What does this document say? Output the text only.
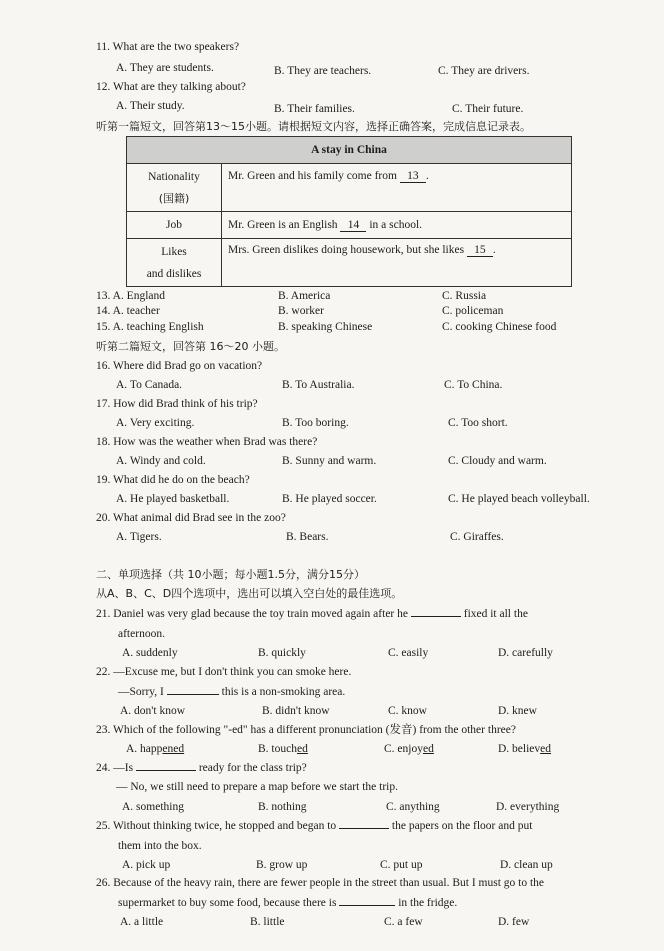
11. What are the two speakers?
A. They are students.	B. They are teachers.	C. They are drivers.
12. What are they talking about?
A. Their study.	B. Their families.	C. Their future.
听第一篇短文，回答第13～15小题。请根据短文内容，选择正确答案，完成信息记录表。
A stay in China	

Nationality
(国籍)	Mr. Green and his family come from 13 .

Job	Mr. Green is an English 14 in a school.

Likes
and dislikes	Mrs. Green dislikes doing housework, but she likes 15 .
13. A. England	B. America	C. Russia
14. A. teacher	B. worker	C. policeman
15. A. teaching English	B. speaking Chinese	C. cooking Chinese food
听第二篇短文，回答第 16～20 小题。
16. Where did Brad go on vacation?
A. To Canada.	B. To Australia.	C. To China.
17. How did Brad think of his trip?
A. Very exciting.	B. Too boring.	C. Too short.
18. How was the weather when Brad was there?
A. Windy and cold.	B. Sunny and warm.	C. Cloudy and warm.
19. What did he do on the beach?
A. He played basketball.	B. He played soccer.	C. He played beach volleyball.
20. What animal did Brad see in the zoo?
A. Tigers.	B. Bears.	C. Giraffes.
二、单项选择（共 10小题；每小题1.5分，满分15分）
从A、B、C、D四个选项中，选出可以填入空白处的最佳选项。
21. Daniel was very glad because the toy train moved again after he	fixed it all the
afternoon.
A. suddenly	B. quickly	C. easily	D. carefully
22. —Excuse me, but I don't think you can smoke here.
—Sorry, I	this is a non-smoking area.
A. don't know	B. didn't know	C. know	D. knew
23. Which of the following "-ed" has a different pronunciation (发音) from the other three?
A. happened	B. touched	C. enjoyed	D. believed
24. —Is	ready for the class trip?
— No, we still need to prepare a map before we start the trip.
A. something	B. nothing	C. anything	D. everything
25. Without thinking twice, he stopped and began to	the papers on the floor and put
them into the box.
A. pick up	B. grow up	C. put up	D. clean up
26. Because of the heavy rain, there are fewer people in the street than usual. But I must go to the
supermarket to buy some food, because there is	in the fridge.
A. a little	B. little	C. a few	D. few
